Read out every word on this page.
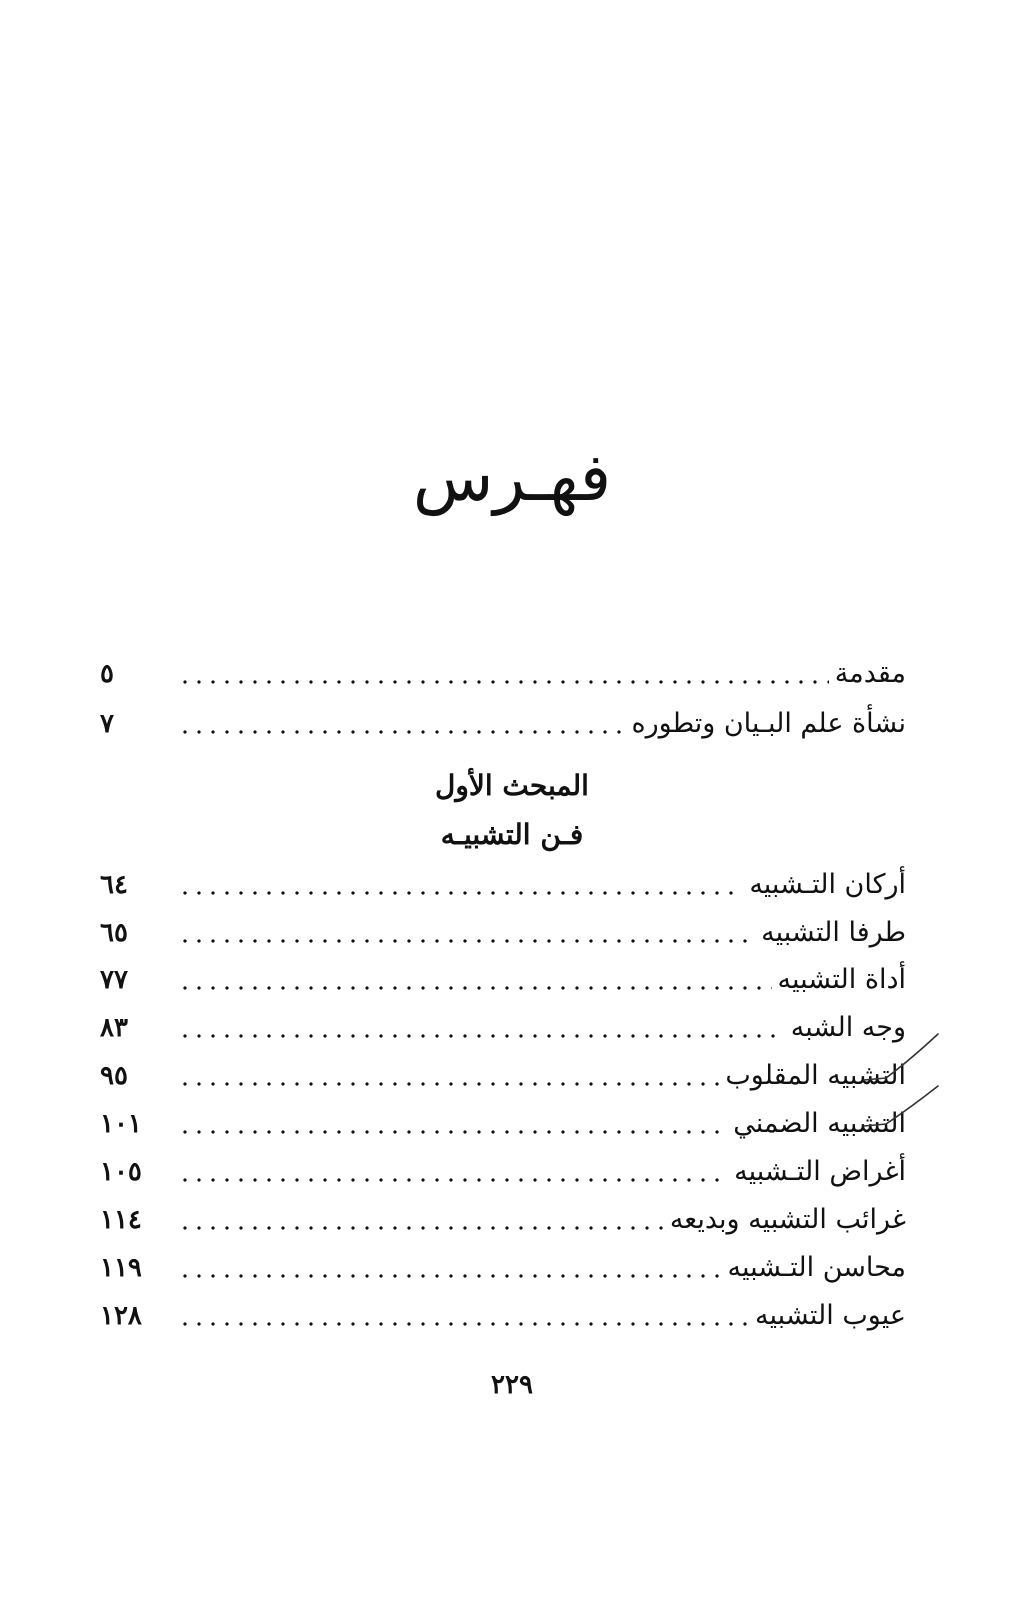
فهـرس
مقدمة
٥
نشأة علم البـيان وتطوره
٧
المبحث الأول
فـن التشبيـه
أركان التـشبيه
٦٤
طرفا التشبيه
٦٥
أداة التشبيه
٧٧
وجه الشبه
٨٣
التشبيه المقلوب
٩٥
التشبيه الضمني
١٠١
أغراض التـشبيه
١٠٥
غرائب التشبيه وبديعه
١١٤
محاسن التـشبيه
١١٩
عيوب التشبيه
١٢٨
٢٢٩
